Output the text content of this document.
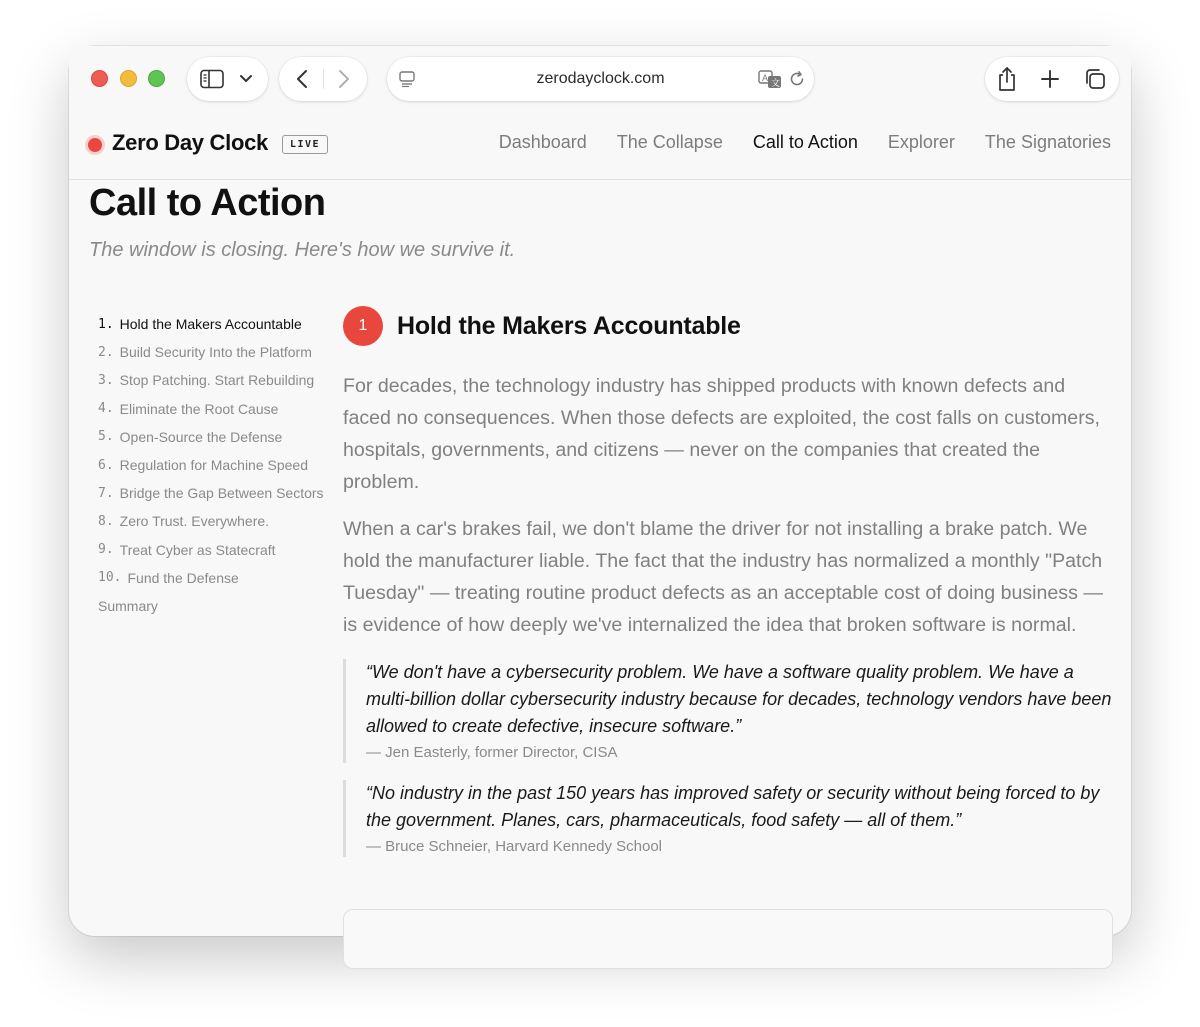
zerodayclock.com	A 文
Zero Day Clock	LIVE	Dashboard The Collapse Call to Action Explorer The Signatories
Call to Action
The window is closing. Here's how we survive it.
1. Hold the Makers Accountable
2. Build Security Into the Platform
3. Stop Patching. Start Rebuilding
4. Eliminate the Root Cause
5. Open-Source the Defense
6. Regulation for Machine Speed
7. Bridge the Gap Between Sectors
8. Zero Trust. Everywhere.
9. Treat Cyber as Statecraft
10. Fund the Defense
Summary
1	Hold the Makers Accountable

For decades, the technology industry has shipped products with known defects and faced no consequences. When those defects are exploited, the cost falls on customers, hospitals, governments, and citizens — never on the companies that created the problem.

When a car's brakes fail, we don't blame the driver for not installing a brake patch. We hold the manufacturer liable. The fact that the industry has normalized a monthly "Patch Tuesday" — treating routine product defects as an acceptable cost of doing business — is evidence of how deeply we've internalized the idea that broken software is normal.

“We don't have a cybersecurity problem. We have a software quality problem. We have a multi-billion dollar cybersecurity industry because for decades, technology vendors have been allowed to create defective, insecure software.”
— Jen Easterly, former Director, CISA
“No industry in the past 150 years has improved safety or security without being forced to by the government. Planes, cars, pharmaceuticals, food safety — all of them.”
— Bruce Schneier, Harvard Kennedy School
